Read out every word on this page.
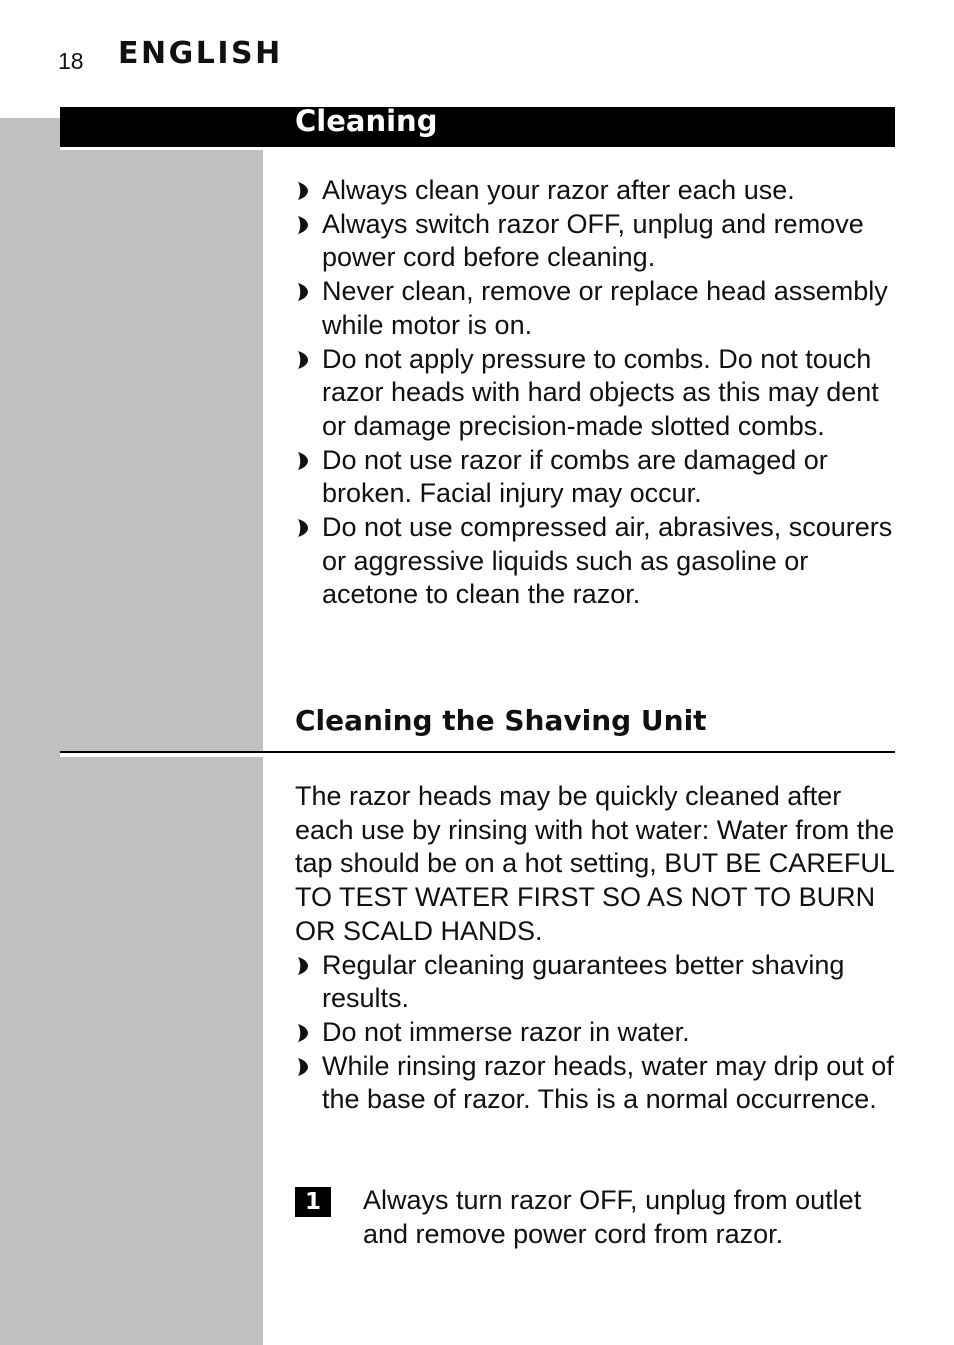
18	ENGLISH
Cleaning
Always clean your razor after each use.
Always switch razor OFF, unplug and remove power cord before cleaning.
Never clean, remove or replace head assembly while motor is on.
Do not apply pressure to combs. Do not touch razor heads with hard objects as this may dent or damage precision-made slotted combs.
Do not use razor if combs are damaged or broken. Facial injury may occur.
Do not use compressed air, abrasives, scourers or aggressive liquids such as gasoline or acetone to clean the razor.
Cleaning the Shaving Unit

The razor heads may be quickly cleaned after each use by rinsing with hot water: Water from the tap should be on a hot setting, BUT BE CAREFUL TO TEST WATER FIRST SO AS NOT TO BURN OR SCALD HANDS.

Regular cleaning guarantees better shaving results.
Do not immerse razor in water.
While rinsing razor heads, water may drip out of the base of razor. This is a normal occurrence.
1	Always turn razor OFF, unplug from outlet and remove power cord from razor.
